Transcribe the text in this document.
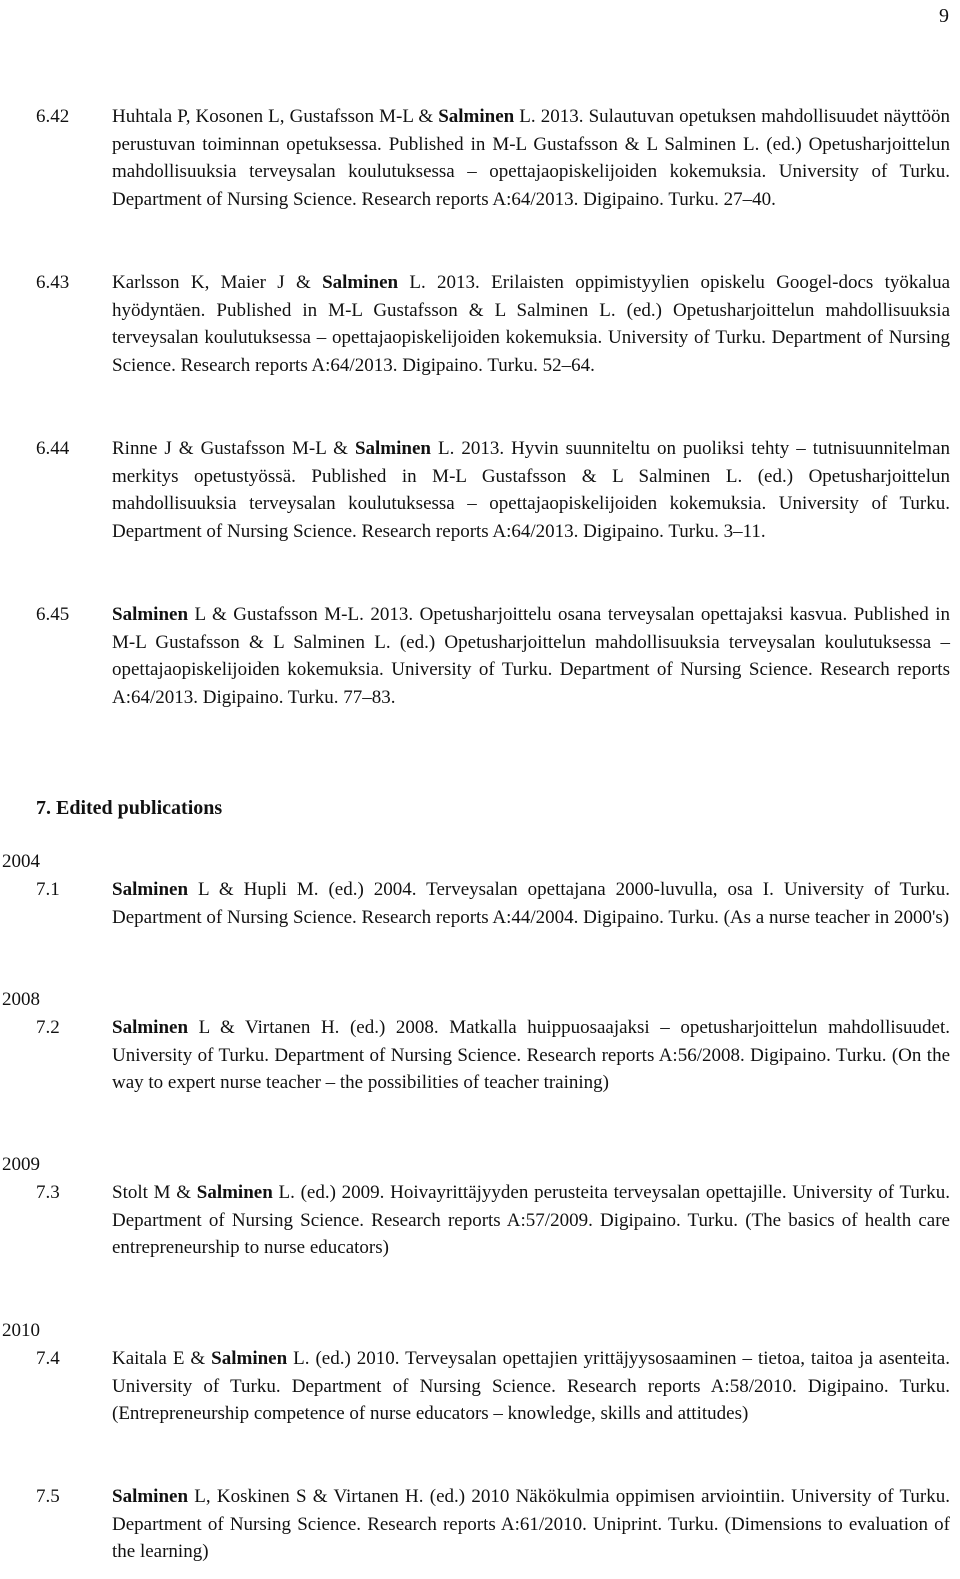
9
6.42	Huhtala P, Kosonen L, Gustafsson M-L & Salminen L. 2013. Sulautuvan opetuksen mahdollisuudet näyttöön perustuvan toiminnan opetuksessa. Published in M-L Gustafsson & L Salminen L. (ed.) Opetusharjoittelun mahdollisuuksia terveysalan koulutuksessa – opettajaopiskelijoiden kokemuksia. University of Turku. Department of Nursing Science. Research reports A:64/2013. Digipaino. Turku. 27–40.
6.43	Karlsson K, Maier J & Salminen L. 2013. Erilaisten oppimistyylien opiskelu Googel-docs työkalua hyödyntäen. Published in M-L Gustafsson & L Salminen L. (ed.) Opetusharjoittelun mahdollisuuksia terveysalan koulutuksessa – opettajaopiskelijoiden kokemuksia. University of Turku. Department of Nursing Science. Research reports A:64/2013. Digipaino. Turku. 52–64.
6.44	Rinne J & Gustafsson M-L & Salminen L. 2013. Hyvin suunniteltu on puoliksi tehty – tutnisuunnitelman merkitys opetustyössä. Published in M-L Gustafsson & L Salminen L. (ed.) Opetusharjoittelun mahdollisuuksia terveysalan koulutuksessa – opettajaopiskelijoiden kokemuksia. University of Turku. Department of Nursing Science. Research reports A:64/2013. Digipaino. Turku. 3–11.
6.45	Salminen L & Gustafsson M-L. 2013. Opetusharjoittelu osana terveysalan opettajaksi kasvua. Published in M-L Gustafsson & L Salminen L. (ed.) Opetusharjoittelun mahdollisuuksia terveysalan koulutuksessa – opettajaopiskelijoiden kokemuksia. University of Turku. Department of Nursing Science. Research reports A:64/2013. Digipaino. Turku. 77–83.
7. Edited publications
2004
2008
2009
2010
7.1	Salminen L & Hupli M. (ed.) 2004. Terveysalan opettajana 2000-luvulla, osa I. University of Turku. Department of Nursing Science. Research reports A:44/2004. Digipaino. Turku. (As a nurse teacher in 2000's)
7.2	Salminen L & Virtanen H. (ed.) 2008. Matkalla huippuosaajaksi – opetusharjoittelun mahdollisuudet. University of Turku. Department of Nursing Science. Research reports A:56/2008. Digipaino. Turku. (On the way to expert nurse teacher – the possibilities of teacher training)
7.3	Stolt M & Salminen L. (ed.) 2009. Hoivayrittäjyyden perusteita terveysalan opettajille. University of Turku. Department of Nursing Science. Research reports A:57/2009. Digipaino. Turku. (The basics of health care entrepreneurship to nurse educators)
7.4	Kaitala E & Salminen L. (ed.) 2010. Terveysalan opettajien yrittäjyysosaaminen – tietoa, taitoa ja asenteita. University of Turku. Department of Nursing Science. Research reports A:58/2010. Digipaino. Turku. (Entrepreneurship competence of nurse educators – knowledge, skills and attitudes)
7.5	Salminen L, Koskinen S & Virtanen H. (ed.) 2010 Näkökulmia oppimisen arviointiin. University of Turku. Department of Nursing Science. Research reports A:61/2010. Uniprint. Turku. (Dimensions to evaluation of the learning)
